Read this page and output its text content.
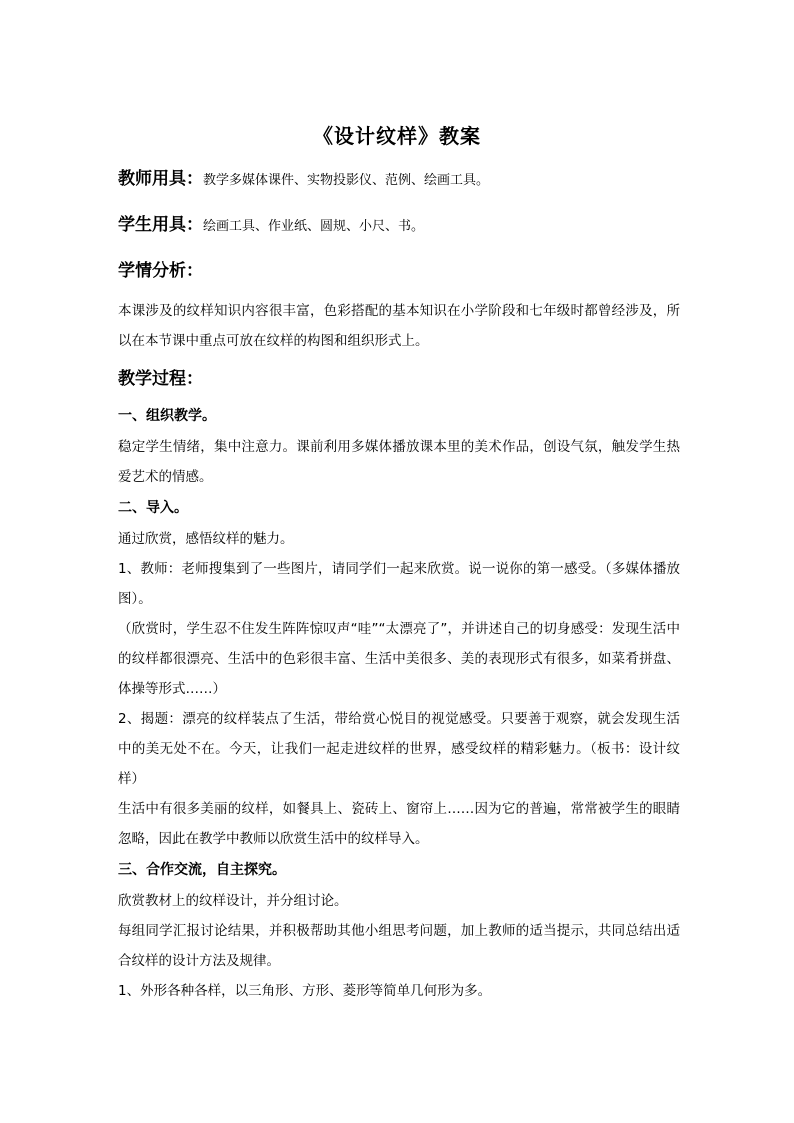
《设计纹样》教案

教师用具：教学多媒体课件、实物投影仪、范例、绘画工具。

学生用具：绘画工具、作业纸、圆规、小尺、书。

学情分析：

本课涉及的纹样知识内容很丰富，色彩搭配的基本知识在小学阶段和七年级时都曾经涉及，所以在本节课中重点可放在纹样的构图和组织形式上。

教学过程：
一、组织教学。

稳定学生情绪，集中注意力。课前利用多媒体播放课本里的美术作品，创设气氛，触发学生热爱艺术的情感。

二、导入。

通过欣赏，感悟纹样的魅力。

1、教师：老师搜集到了一些图片，请同学们一起来欣赏。说一说你的第一感受。（多媒体播放图）。

（欣赏时，学生忍不住发生阵阵惊叹声“哇”“太漂亮了”，并讲述自己的切身感受：发现生活中的纹样都很漂亮、生活中的色彩很丰富、生活中美很多、美的表现形式有很多，如菜肴拼盘、体操等形式……）

2、揭题：漂亮的纹样装点了生活，带给赏心悦目的视觉感受。只要善于观察，就会发现生活中的美无处不在。今天，让我们一起走进纹样的世界，感受纹样的精彩魅力。（板书：设计纹样）

生活中有很多美丽的纹样，如餐具上、瓷砖上、窗帘上……因为它的普遍，常常被学生的眼睛忽略，因此在教学中教师以欣赏生活中的纹样导入。

三、合作交流，自主探究。

欣赏教材上的纹样设计，并分组讨论。

每组同学汇报讨论结果，并积极帮助其他小组思考问题，加上教师的适当提示，共同总结出适合纹样的设计方法及规律。

1、外形各种各样，以三角形、方形、菱形等简单几何形为多。
